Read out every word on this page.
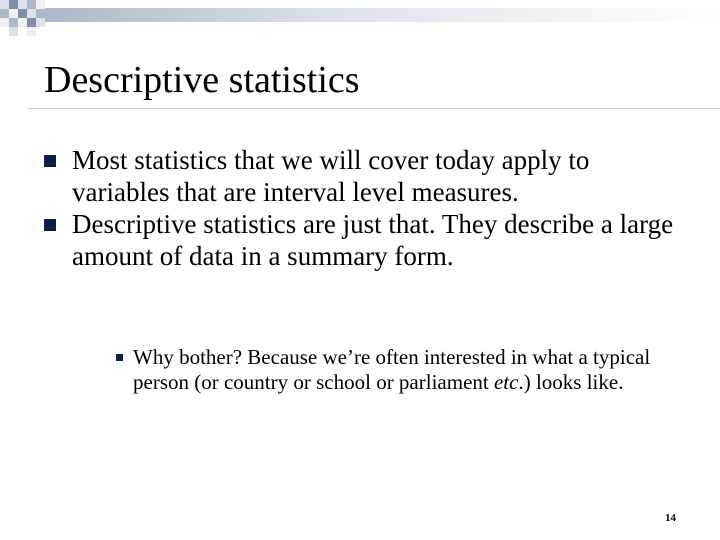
Descriptive statistics
Most statistics that we will cover today apply to variables that are interval level measures.
Descriptive statistics are just that. They describe a large amount of data in a summary form.
Why bother? Because we’re often interested in what a typical person (or country or school or parliament etc.) looks like.
14
